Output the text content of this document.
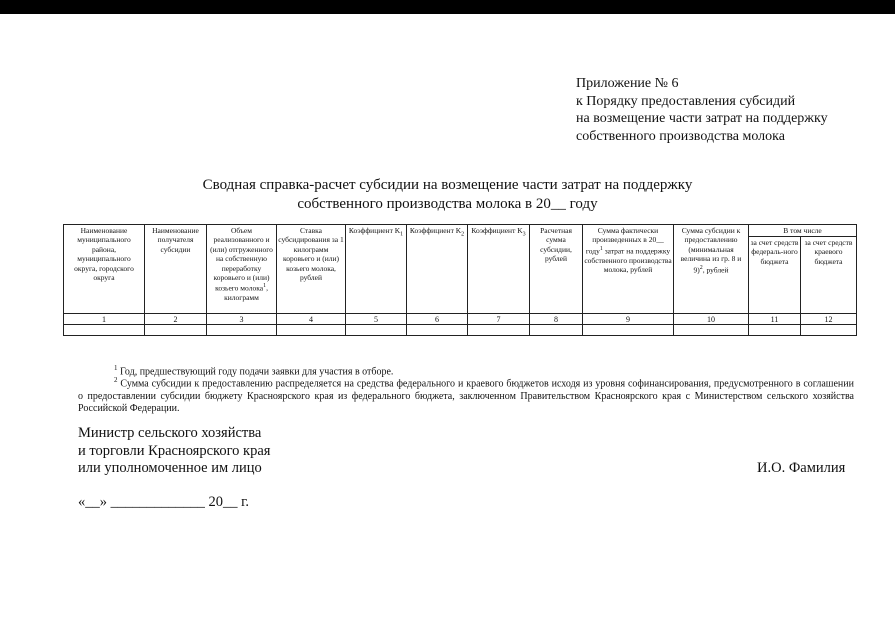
Приложение № 6
к Порядку предоставления субсидий
на возмещение части затрат на поддержку
собственного производства молока
Сводная справка-расчет субсидии на возмещение части затрат на поддержку
собственного производства молока в 20__ году
Наименование муниципального района, муниципального округа, городского округа	Наименование получателя субсидии	Объем реализованного и (или) отгруженного на собственную переработку коровьего и (или) козьего молока$^1$, килограмм	Ставка субсидирования за 1 килограмм коровьего и (или) козьего молока, рублей	Коэффициент $K_1$	Коэффициент $K_2$	Коэффициент $K_3$	Расчетная сумма субсидии, рублей	Сумма фактически произведенных в 20__ году$^1$ затрат на поддержку собственного производства молока, рублей	Сумма субсидии к предоставлению (минимальная величина из гр. 8 и 9)$^2$, рублей	В том числе	
										за счет средств федераль-ного бюджета	за счет средств краевого бюджета
1	2	3	4	5	6	7	8	9	10	11	12

$^1$ Год, предшествующий году подачи заявки для участия в отборе.
$^2$ Сумма субсидии к предоставлению распределяется на средства федерального и краевого бюджетов исходя из уровня софинансирования, предусмотренного в соглашении о предоставлении субсидии бюджету Красноярского края из федерального бюджета, заключенном Правительством Красноярского края с Министерством сельского хозяйства Российской Федерации.
Министр сельского хозяйства
и торговли Красноярского края
или уполномоченное им лицо	И.О. Фамилия
«__» _____________ 20__ г.
